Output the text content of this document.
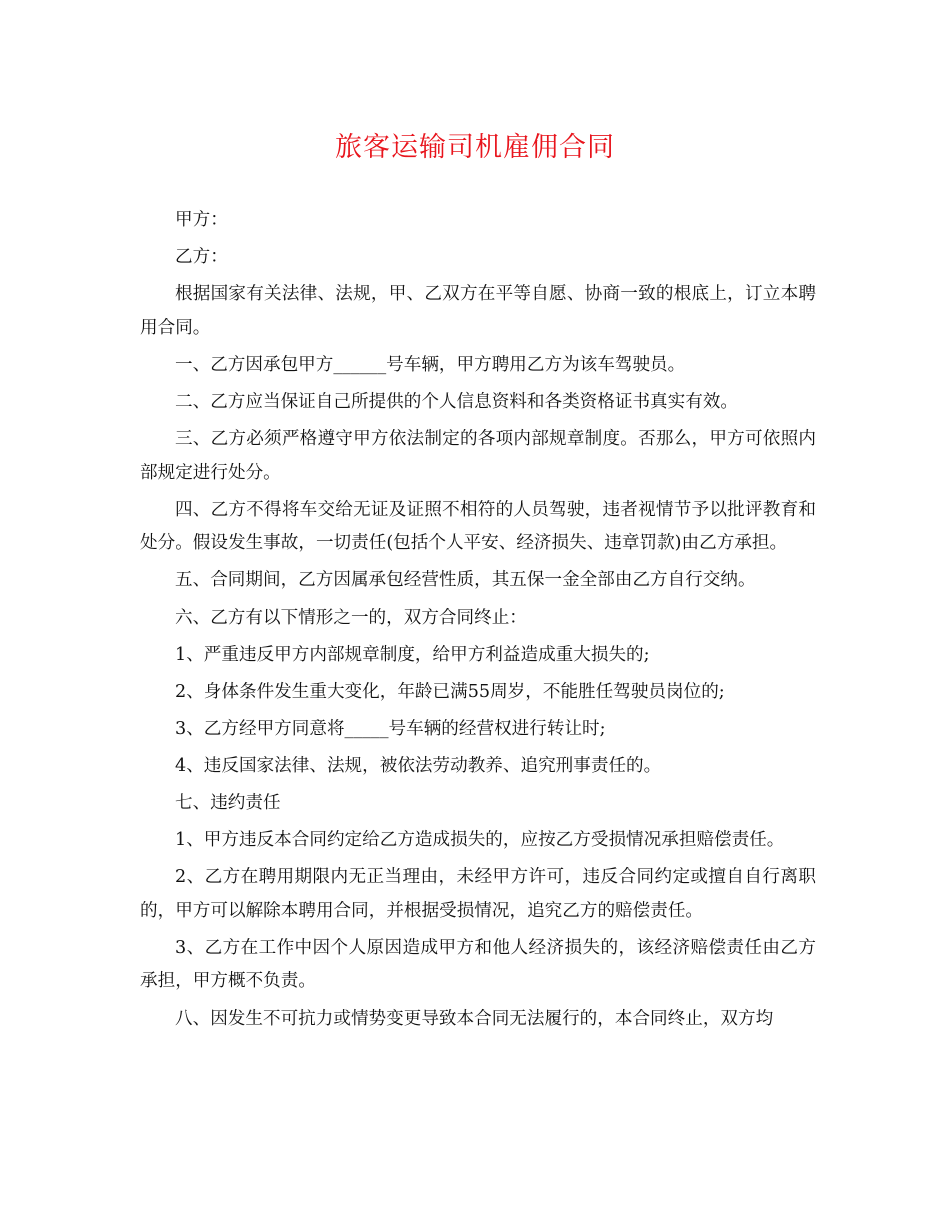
旅客运输司机雇佣合同

甲方：

乙方：

根据国家有关法律、法规，甲、乙双方在平等自愿、协商一致的根底上，订立本聘用合同。

一、乙方因承包甲方______号车辆，甲方聘用乙方为该车驾驶员。

二、乙方应当保证自己所提供的个人信息资料和各类资格证书真实有效。

三、乙方必须严格遵守甲方依法制定的各项内部规章制度。否那么，甲方可依照内部规定进行处分。

四、乙方不得将车交给无证及证照不相符的人员驾驶，违者视情节予以批评教育和处分。假设发生事故，一切责任(包括个人平安、经济损失、违章罚款)由乙方承担。

五、合同期间，乙方因属承包经营性质，其五保一金全部由乙方自行交纳。

六、乙方有以下情形之一的，双方合同终止：

1、严重违反甲方内部规章制度，给甲方利益造成重大损失的;

2、身体条件发生重大变化，年龄已满55周岁，不能胜任驾驶员岗位的;

3、乙方经甲方同意将_____号车辆的经营权进行转让时;

4、违反国家法律、法规，被依法劳动教养、追究刑事责任的。

七、违约责任

1、甲方违反本合同约定给乙方造成损失的，应按乙方受损情况承担赔偿责任。

2、乙方在聘用期限内无正当理由，未经甲方许可，违反合同约定或擅自自行离职的，甲方可以解除本聘用合同，并根据受损情况，追究乙方的赔偿责任。

3、乙方在工作中因个人原因造成甲方和他人经济损失的，该经济赔偿责任由乙方承担，甲方概不负责。

八、因发生不可抗力或情势变更导致本合同无法履行的，本合同终止，双方均
